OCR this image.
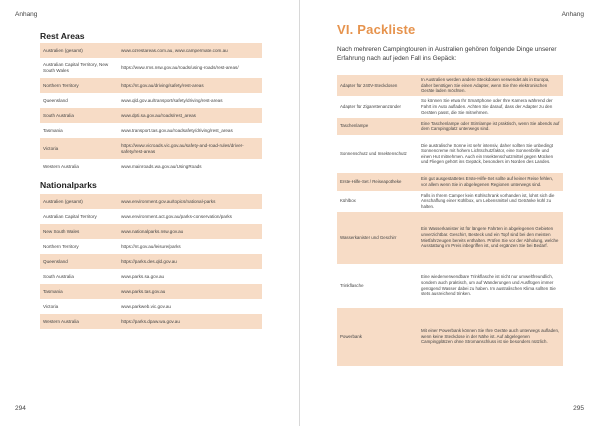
Anhang
Rest Areas
Australien (gesamt)	www.ozrestareas.com.au, www.campermate.com.au
Australian Capital Territory, New South Wales	https://www.rms.nsw.gov.au/roads/using-roads/rest-areas/
Northern Territory	https://nt.gov.au/driving/safety/rest-areas
Queensland	www.qld.gov.au/transport/safety/driving/rest-areas
South Australia	www.dpti.sa.gov.au/roads/rest_areas
Tasmania	www.transport.tas.gov.au/roadsafety/driving/rest_areas
Victoria	https://www.vicroads.vic.gov.au/safety-and-road-rules/driver-safety/rest-areas
Western Australia	www.mainroads.wa.gov.au/UsingRoads
Nationalparks
Australien (gesamt)	www.environment.gov.au/topics/national-parks
Australian Capital Territory	www.environment.act.gov.au/parks-conservation/parks
New South Wales	www.nationalparks.nsw.gov.au
Northern Territory	https://nt.gov.au/leisure/parks
Queensland	https://parks.des.qld.gov.au
South Australia	www.parks.sa.gov.au
Tasmania	www.parks.tas.gov.au
Victoria	www.parkweb.vic.gov.au
Western Australia	https://parks.dpaw.wa.gov.au
294
Anhang
295
VI. Packliste
Nach mehreren Campingtouren in Australien gehören folgende Dinge unserer Erfahrung nach auf jeden Fall ins Gepäck:
Adapter für 240V-Steckdosen	In Australien werden andere Steckdosen verwendet als in Europa, daher benötigen Sie einen Adapter, wenn Sie Ihre elektronischen Geräte laden möchten.
Adapter für Zigarettenanzünder	So können Sie etwa Ihr Smartphone oder Ihre Kamera während der Fahrt im Auto aufladen. Achten Sie darauf, dass der Adapter zu den Geräten passt, die Sie mitnehmen.
Taschenlampe	Eine Taschenlampe oder Stirnlampe ist praktisch, wenn Sie abends auf dem Campingplatz unterwegs sind.
Sonnenschutz und Insektenschutz	Die australische Sonne ist sehr intensiv, daher sollten Sie unbedingt Sonnencreme mit hohem Lichtschutzfaktor, eine Sonnenbrille und einen Hut mitnehmen. Auch ein Insektenschutzmittel gegen Mücken und Fliegen gehört ins Gepäck, besonders im Norden des Landes.
Erste-Hilfe-Set / Reiseapotheke	Ein gut ausgestattetes Erste-Hilfe-Set sollte auf keiner Reise fehlen, vor allem wenn Sie in abgelegenen Regionen unterwegs sind.
Kühlbox	Falls in Ihrem Camper kein Kühlschrank vorhanden ist, lohnt sich die Anschaffung einer Kühlbox, um Lebensmittel und Getränke kühl zu halten.
Wasserkanister und Geschirr	Ein Wasserkanister ist für längere Fahrten in abgelegenen Gebieten unverzichtbar. Geschirr, Besteck und ein Topf sind bei den meisten Mietfahrzeugen bereits enthalten. Prüfen Sie vor der Abholung, welche Ausstattung im Preis inbegriffen ist, und ergänzen Sie bei Bedarf.
Trinkflasche	Eine wiederverwendbare Trinkflasche ist nicht nur umweltfreundlich, sondern auch praktisch, um auf Wanderungen und Ausflügen immer genügend Wasser dabei zu haben. Im australischen Klima sollten Sie stets ausreichend trinken.
Powerbank	Mit einer Powerbank können Sie Ihre Geräte auch unterwegs aufladen, wenn keine Steckdose in der Nähe ist. Auf abgelegenen Campingplätzen ohne Stromanschluss ist sie besonders nützlich.
